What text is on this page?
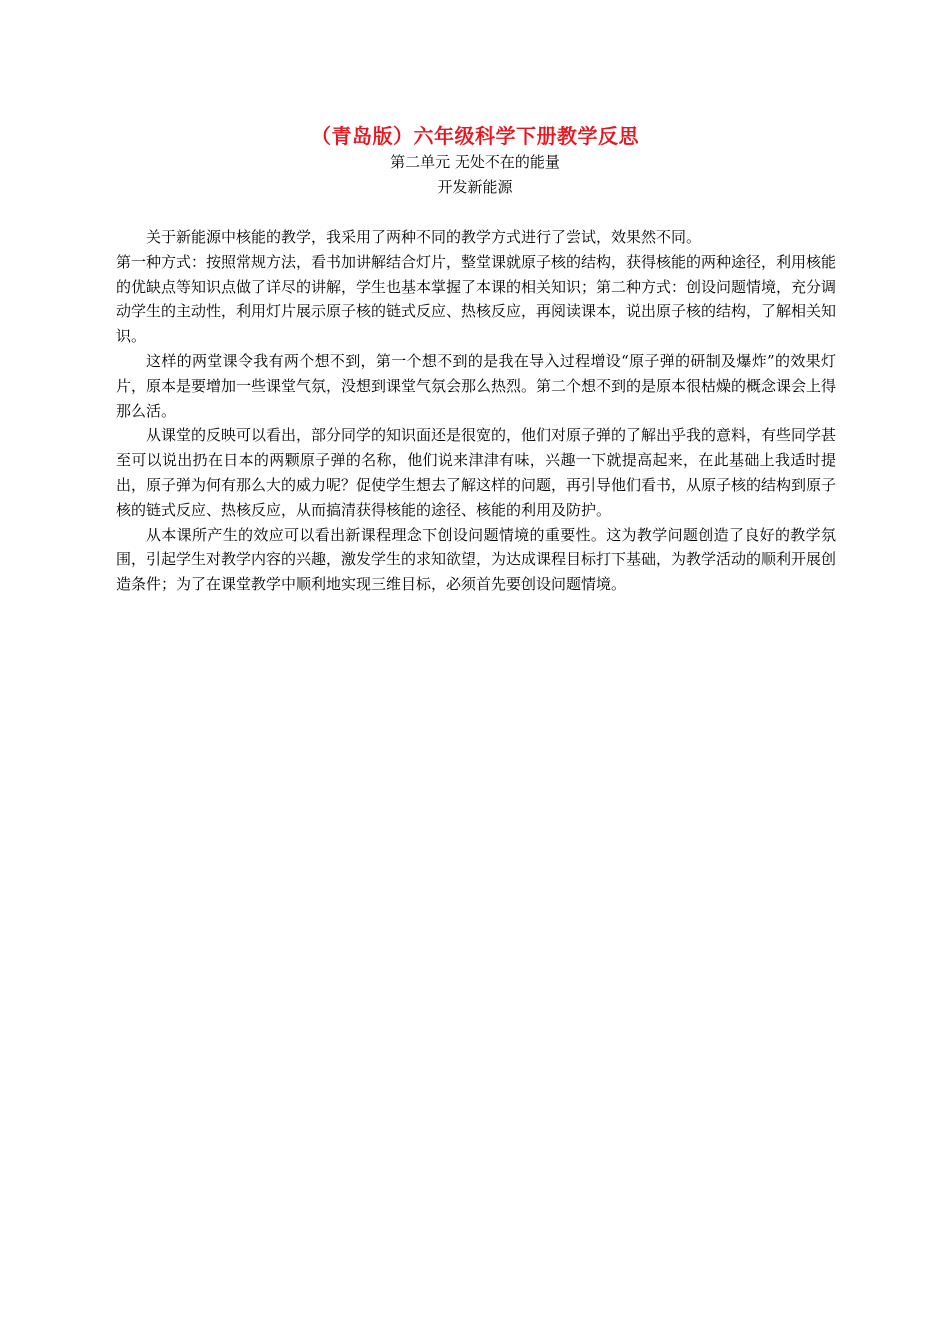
（青岛版）六年级科学下册教学反思
第二单元 无处不在的能量
开发新能源

关于新能源中核能的教学，我采用了两种不同的教学方式进行了尝试，效果然不同。

第一种方式：按照常规方法，看书加讲解结合灯片，整堂课就原子核的结构，获得核能的两种途径，利用核能的优缺点等知识点做了详尽的讲解，学生也基本掌握了本课的相关知识；第二种方式：创设问题情境，充分调动学生的主动性，利用灯片展示原子核的链式反应、热核反应，再阅读课本，说出原子核的结构，了解相关知识。

这样的两堂课令我有两个想不到，第一个想不到的是我在导入过程增设“原子弹的研制及爆炸”的效果灯片，原本是要增加一些课堂气氛，没想到课堂气氛会那么热烈。第二个想不到的是原本很枯燥的概念课会上得那么活。

从课堂的反映可以看出，部分同学的知识面还是很宽的，他们对原子弹的了解出乎我的意料，有些同学甚至可以说出扔在日本的两颗原子弹的名称，他们说来津津有味，兴趣一下就提高起来，在此基础上我适时提出，原子弹为何有那么大的威力呢？促使学生想去了解这样的问题，再引导他们看书，从原子核的结构到原子核的链式反应、热核反应，从而搞清获得核能的途径、核能的利用及防护。

从本课所产生的效应可以看出新课程理念下创设问题情境的重要性。这为教学问题创造了良好的教学氛围，引起学生对教学内容的兴趣，激发学生的求知欲望，为达成课程目标打下基础，为教学活动的顺利开展创造条件；为了在课堂教学中顺利地实现三维目标，必须首先要创设问题情境。
